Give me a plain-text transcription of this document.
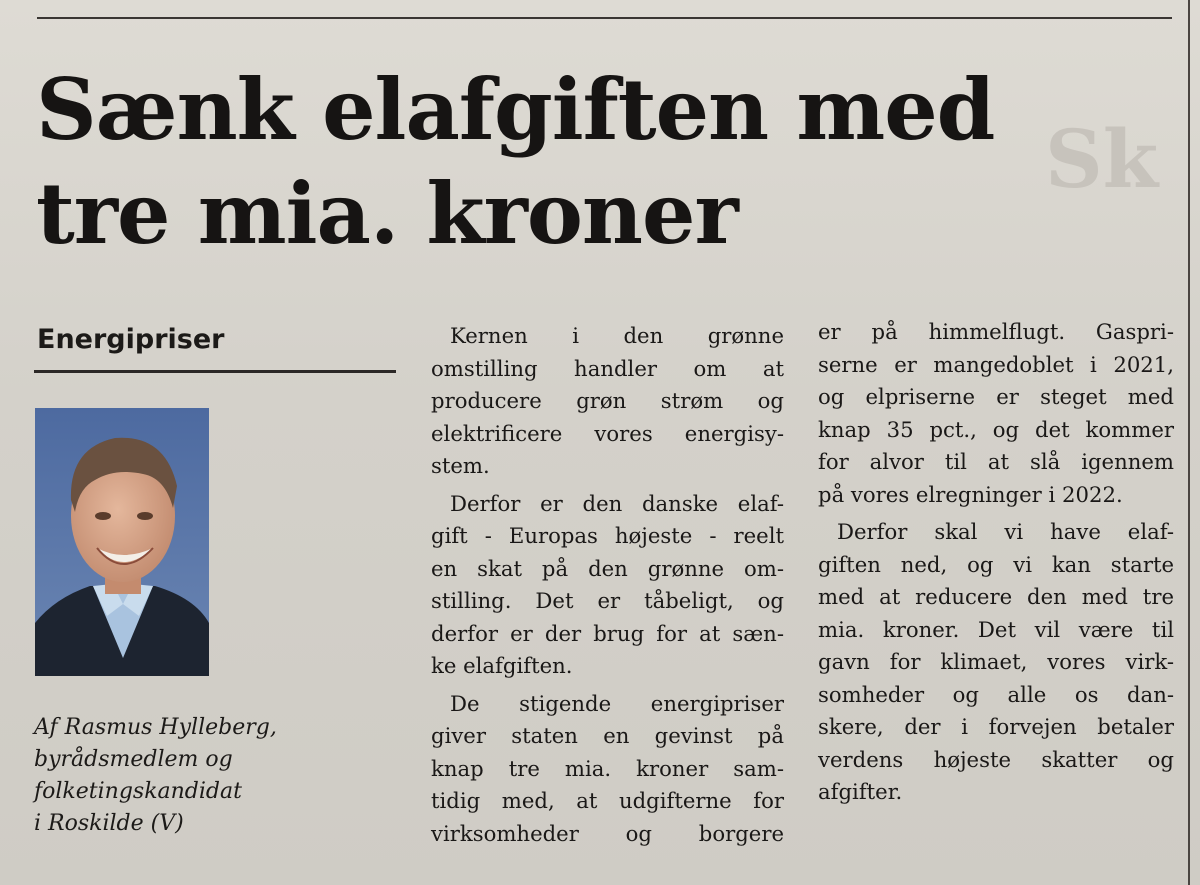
Sk
Sænk elafgiften med
tre mia. kroner
Energipriser
Af Rasmus Hylleberg,
byrådsmedlem og
folketingskandidat
i Roskilde (V)
Kernen i den grønne
omstilling handler om at
producere grøn strøm og
elektrificere vores energisy-
stem.
Derfor er den danske elaf-
gift - Europas højeste - reelt
en skat på den grønne om-
stilling. Det er tåbeligt, og
derfor er der brug for at sæn-
ke elafgiften.
De stigende energipriser
giver staten en gevinst på
knap tre mia. kroner sam-
tidig med, at udgifterne for
virksomheder og borgere
er på himmelflugt. Gaspri-
serne er mangedoblet i 2021,
og elpriserne er steget med
knap 35 pct., og det kommer
for alvor til at slå igennem
på vores elregninger i 2022.
Derfor skal vi have elaf-
giften ned, og vi kan starte
med at reducere den med tre
mia. kroner. Det vil være til
gavn for klimaet, vores virk-
somheder og alle os dan-
skere, der i forvejen betaler
verdens højeste skatter og
afgifter.
